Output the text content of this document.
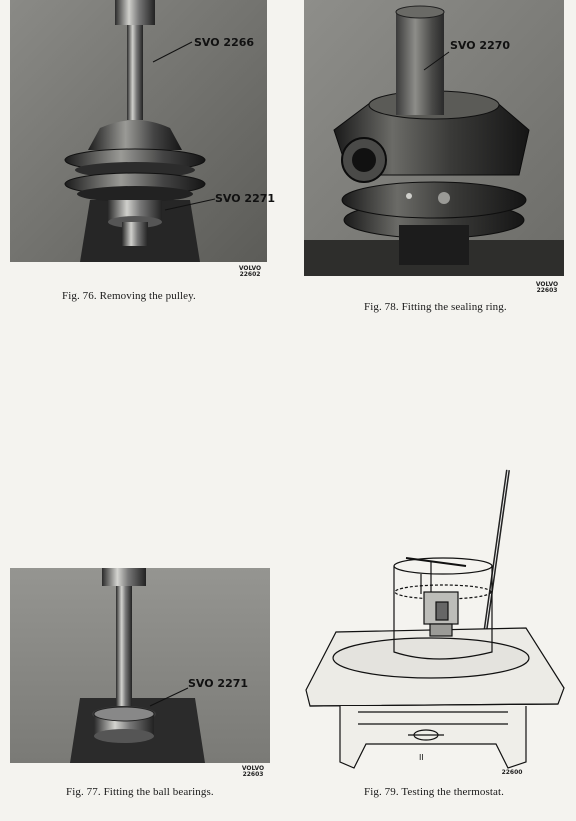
SVO 2266
SVO 2271
VOLVO
22602
Fig. 76. Removing the pulley.
SVO 2270
VOLVO
22603
Fig. 78. Fitting the sealing ring.
SVO 2271
VOLVO
22603
Fig. 77. Fitting the ball bearings.
II
22600
Fig. 79. Testing the thermostat.
